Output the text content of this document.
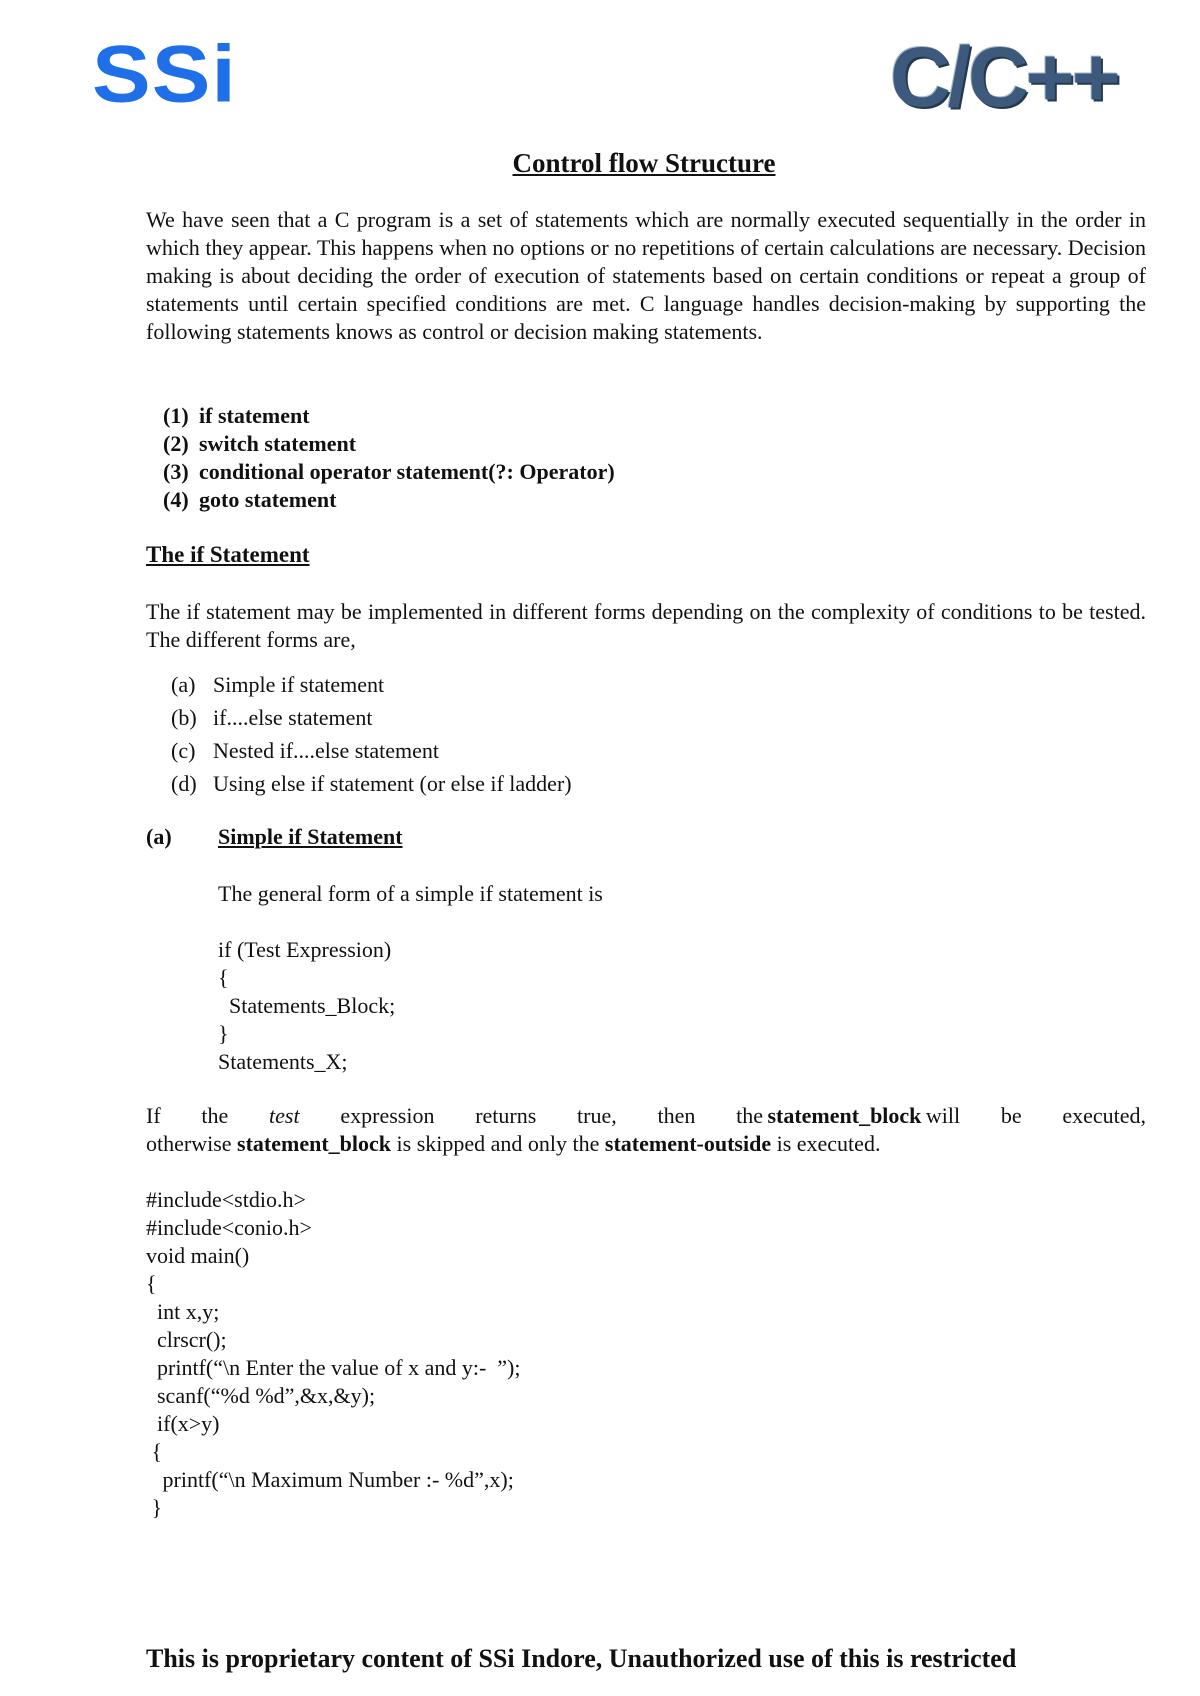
SSi	C/C++
Control flow Structure

We have seen that a C program is a set of statements which are normally executed sequentially in the order in which they appear. This happens when no options or no repetitions of certain calculations are necessary. Decision making is about deciding the order of execution of statements based on certain conditions or repeat a group of statements until certain specified conditions are met. C language handles decision-making by supporting the following statements knows as control or decision making statements.

(1) if statement
(2) switch statement
(3) conditional operator statement(?: Operator)
(4) goto statement
The if Statement

The if statement may be implemented in different forms depending on the complexity of conditions to be tested. The different forms are,

(a) Simple if statement
(b) if....else statement
(c) Nested if....else statement
(d) Using else if statement (or else if ladder)
(a) Simple if Statement
The general form of a simple if statement is
if (Test Expression)
{
Statements_Block;
}
Statements_X;

If the test expression returns true, then the  statement_block  will be executed,
otherwise statement_block is skipped and only the statement-outside is executed.

#include<stdio.h>
#include<conio.h>
void main()
{
int x,y;
clrscr();
printf(“\n Enter the value of x and y:-  ”);
scanf(“%d %d”,&x,&y);
if(x>y)
{
printf(“\n Maximum Number :- %d”,x);
}
This is proprietary content of SSi Indore, Unauthorized use of this is restricted
